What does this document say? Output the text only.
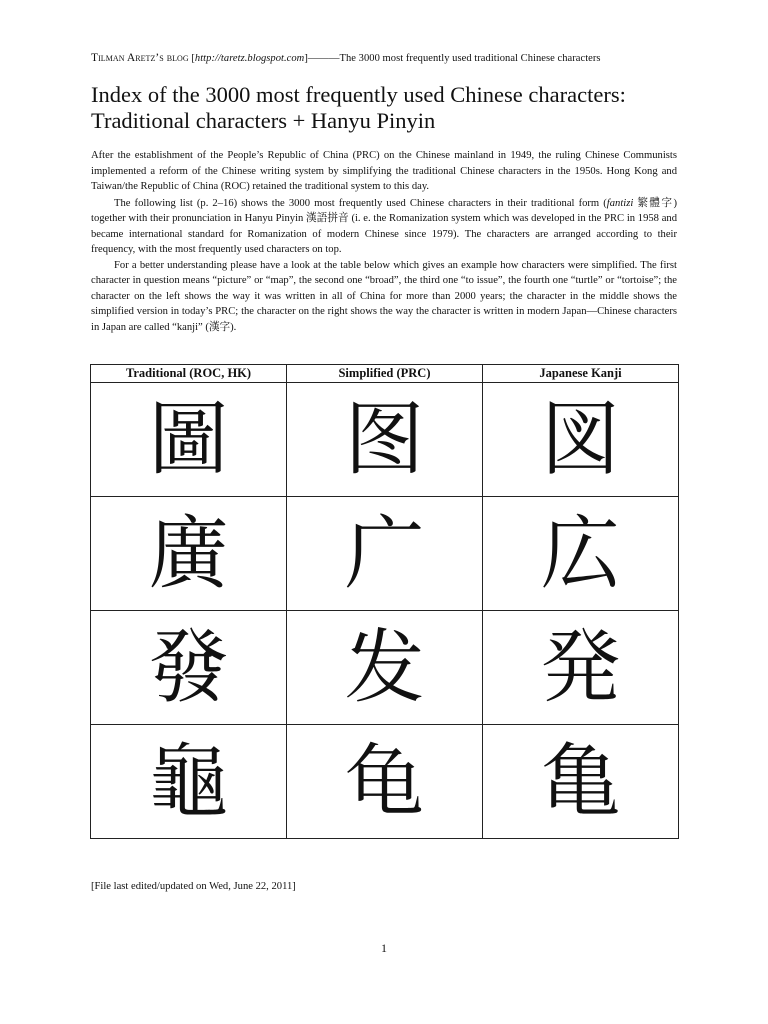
Tilman Aretz’s blog [http://taretz.blogspot.com]———The 3000 most frequently used traditional Chinese characters
Index of the 3000 most frequently used Chinese characters:
Traditional characters + Hanyu Pinyin

After the establishment of the People’s Republic of China (PRC) on the Chinese mainland in 1949, the ruling Chinese Communists implemented a reform of the Chinese writing system by simplifying the traditional Chinese characters in the 1950s. Hong Kong and Taiwan/the Republic of China (ROC) retained the traditional system to this day.

The following list (p. 2–16) shows the 3000 most frequently used Chinese characters in their traditional form (fantizi 繁體字) together with their pronunciation in Hanyu Pinyin 漢語拼音 (i. e. the Romanization system which was developed in the PRC in 1958 and became international standard for Romanization of modern Chinese since 1979). The characters are arranged according to their frequency, with the most frequently used characters on top.

For a better understanding please have a look at the table below which gives an example how characters were simplified. The first character in question means “picture” or “map”, the second one “broad”, the third one “to issue”, the fourth one “turtle” or “tortoise”; the character on the left shows the way it was written in all of China for more than 2000 years; the character in the middle shows the simplified version in today’s PRC; the character on the right shows the way the character is written in modern Japan—Chinese characters in Japan are called “kanji” (漢字).

Traditional (ROC, HK)	Simplified (PRC)	Japanese Kanji
圖	图	図
廣	广	広
發	发	発
龜	龟	亀
[File last edited/updated on Wed, June 22, 2011]
1
